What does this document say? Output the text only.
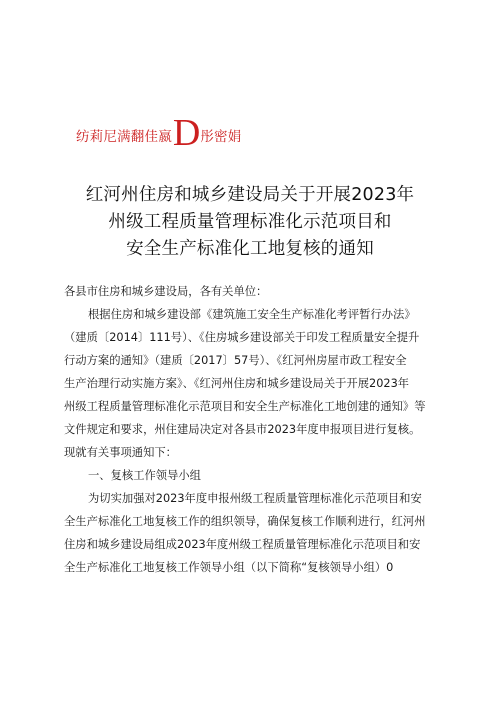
纺莉尼满翻佳嬴D彤密娟
红河州住房和城乡建设局关于开展2023年
州级工程质量管理标准化示范项目和
安全生产标准化工地复核的通知
各县市住房和城乡建设局，各有关单位：
根据住房和城乡建设部《建筑施工安全生产标准化考评暂行办法》
（建质〔2014〕111号）、《住房城乡建设部关于印发工程质量安全提升
行动方案的通知》（建质〔2017〕57号）、《红河州房屋市政工程安全
生产治理行动实施方案》、《红河州住房和城乡建设局关于开展2023年
州级工程质量管理标准化示范项目和安全生产标准化工地创建的通知》等
文件规定和要求，州住建局决定对各县市2023年度申报项目进行复核。
现就有关事项通知下：
一、复核工作领导小组
为切实加强对2023年度申报州级工程质量管理标准化示范项目和安
全生产标准化工地复核工作的组织领导，确保复核工作顺利进行，红河州
住房和城乡建设局组成2023年度州级工程质量管理标准化示范项目和安
全生产标准化工地复核工作领导小组（以下简称“复核领导小组）0
